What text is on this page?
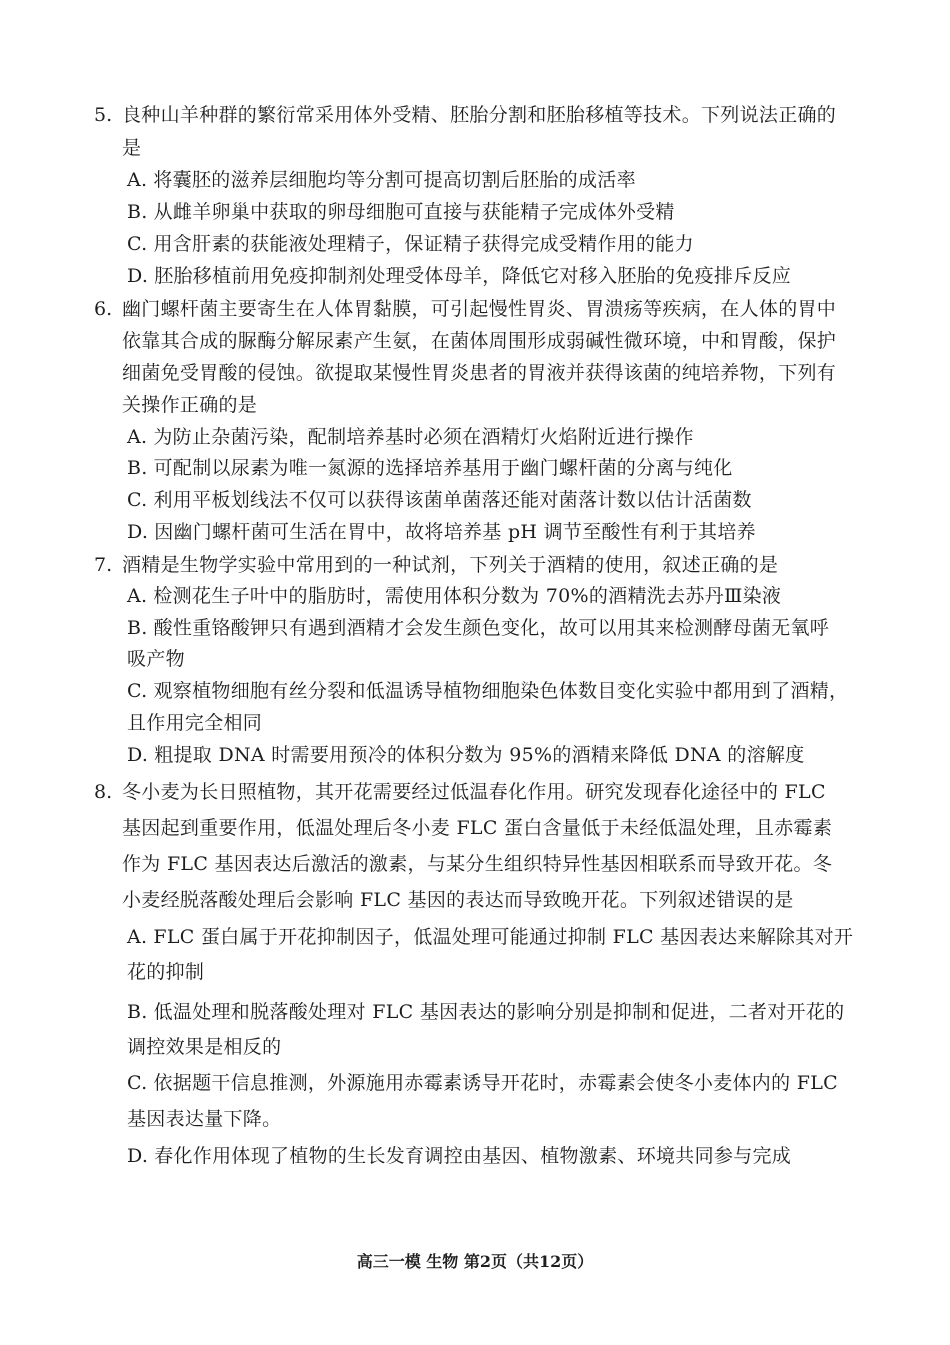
5. 良种山羊种群的繁衍常采用体外受精、胚胎分割和胚胎移植等技术。下列说法正确的
是
A. 将囊胚的滋养层细胞均等分割可提高切割后胚胎的成活率
B. 从雌羊卵巢中获取的卵母细胞可直接与获能精子完成体外受精
C. 用含肝素的获能液处理精子，保证精子获得完成受精作用的能力
D. 胚胎移植前用免疫抑制剂处理受体母羊，降低它对移入胚胎的免疫排斥反应
6. 幽门螺杆菌主要寄生在人体胃黏膜，可引起慢性胃炎、胃溃疡等疾病，在人体的胃中
依靠其合成的脲酶分解尿素产生氨，在菌体周围形成弱碱性微环境，中和胃酸，保护
细菌免受胃酸的侵蚀。欲提取某慢性胃炎患者的胃液并获得该菌的纯培养物，下列有
关操作正确的是
A. 为防止杂菌污染，配制培养基时必须在酒精灯火焰附近进行操作
B. 可配制以尿素为唯一氮源的选择培养基用于幽门螺杆菌的分离与纯化
C. 利用平板划线法不仅可以获得该菌单菌落还能对菌落计数以估计活菌数
D. 因幽门螺杆菌可生活在胃中，故将培养基 pH 调节至酸性有利于其培养
7. 酒精是生物学实验中常用到的一种试剂，下列关于酒精的使用，叙述正确的是
A. 检测花生子叶中的脂肪时，需使用体积分数为 70%的酒精洗去苏丹Ⅲ染液
B. 酸性重铬酸钾只有遇到酒精才会发生颜色变化，故可以用其来检测酵母菌无氧呼
吸产物
C. 观察植物细胞有丝分裂和低温诱导植物细胞染色体数目变化实验中都用到了酒精，
且作用完全相同
D. 粗提取 DNA 时需要用预冷的体积分数为 95%的酒精来降低 DNA 的溶解度
8. 冬小麦为长日照植物，其开花需要经过低温春化作用。研究发现春化途径中的 FLC
基因起到重要作用，低温处理后冬小麦 FLC 蛋白含量低于未经低温处理，且赤霉素
作为 FLC 基因表达后激活的激素，与某分生组织特异性基因相联系而导致开花。冬
小麦经脱落酸处理后会影响 FLC 基因的表达而导致晚开花。下列叙述错误的是
A. FLC 蛋白属于开花抑制因子，低温处理可能通过抑制 FLC 基因表达来解除其对开
花的抑制
B. 低温处理和脱落酸处理对 FLC 基因表达的影响分别是抑制和促进，二者对开花的
调控效果是相反的
C. 依据题干信息推测，外源施用赤霉素诱导开花时，赤霉素会使冬小麦体内的 FLC
基因表达量下降。
D. 春化作用体现了植物的生长发育调控由基因、植物激素、环境共同参与完成
高三一模 生物 第2页（共12页）
